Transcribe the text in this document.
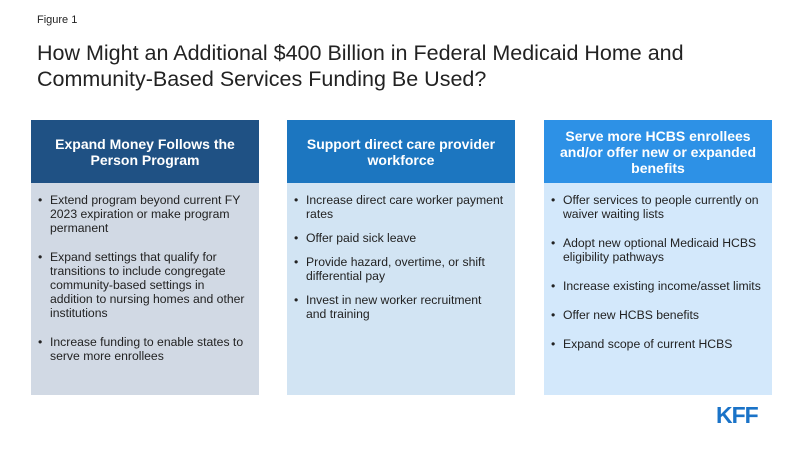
Figure 1
How Might an Additional $400 Billion in Federal Medicaid Home and Community-Based Services Funding Be Used?
Expand Money Follows the Person Program
• Extend program beyond current FY 2023 expiration or make program permanent
• Expand settings that qualify for transitions to include congregate community-based settings in addition to nursing homes and other institutions
• Increase funding to enable states to serve more enrollees
Support direct care provider workforce
• Increase direct care worker payment rates
• Offer paid sick leave
• Provide hazard, overtime, or shift differential pay
• Invest in new worker recruitment and training
Serve more HCBS enrollees and/or offer new or expanded benefits
• Offer services to people currently on waiver waiting lists
• Adopt new optional Medicaid HCBS eligibility pathways
• Increase existing income/asset limits
• Offer new HCBS benefits
• Expand scope of current HCBS
KFF
